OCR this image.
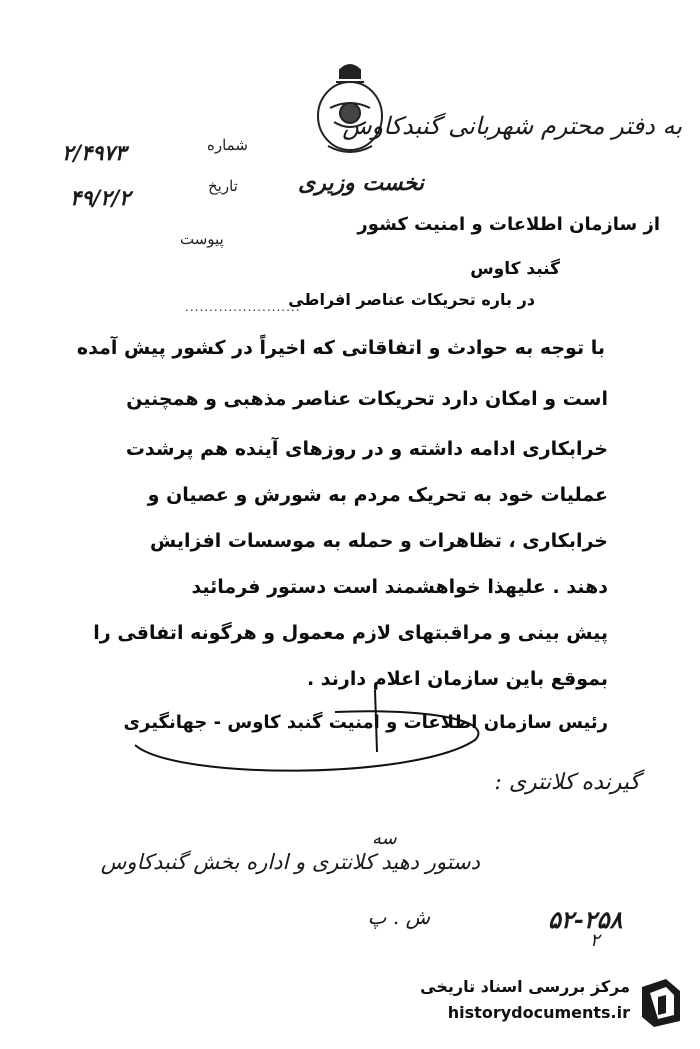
به دفتر محترم شهربانی گنبدکاوس
نخست وزیری
شماره
تاریخ
پیوست
۲/۴۹۷۳
۴۹/۲/۲
از سازمان اطلاعات و امنیت کشور
گنبد کاوس
در باره تحریکات عناصر افراطی
........................
با توجه به حوادث و اتفاقاتی که اخیراً در کشور پیش آمده
است و امکان دارد تحریکات عناصر مذهبی و همچنین
خرابکاری ادامه داشته و در روزهای آینده هم پرشدت
عملیات خود به تحریک مردم به شورش و عصیان و
خرابکاری ، تظاهرات و حمله به موسسات افزایش
دهند . علیهذا خواهشمند است دستور فرمائید
پیش بینی و مراقبتهای لازم معمول و هرگونه اتفاقی را
بموقع باین سازمان اعلام دارند .
رئیس سازمان اطلاعات و امنیت گنبد کاوس - جهانگیری
گیرنده کلانتری :
سه
دستور دهید کلانتری و اداره بخش گنبدکاوس
ش . پ	۵۲-۲۵۸
۲
مرکز بررسی اسناد تاریخی
historydocuments.ir
